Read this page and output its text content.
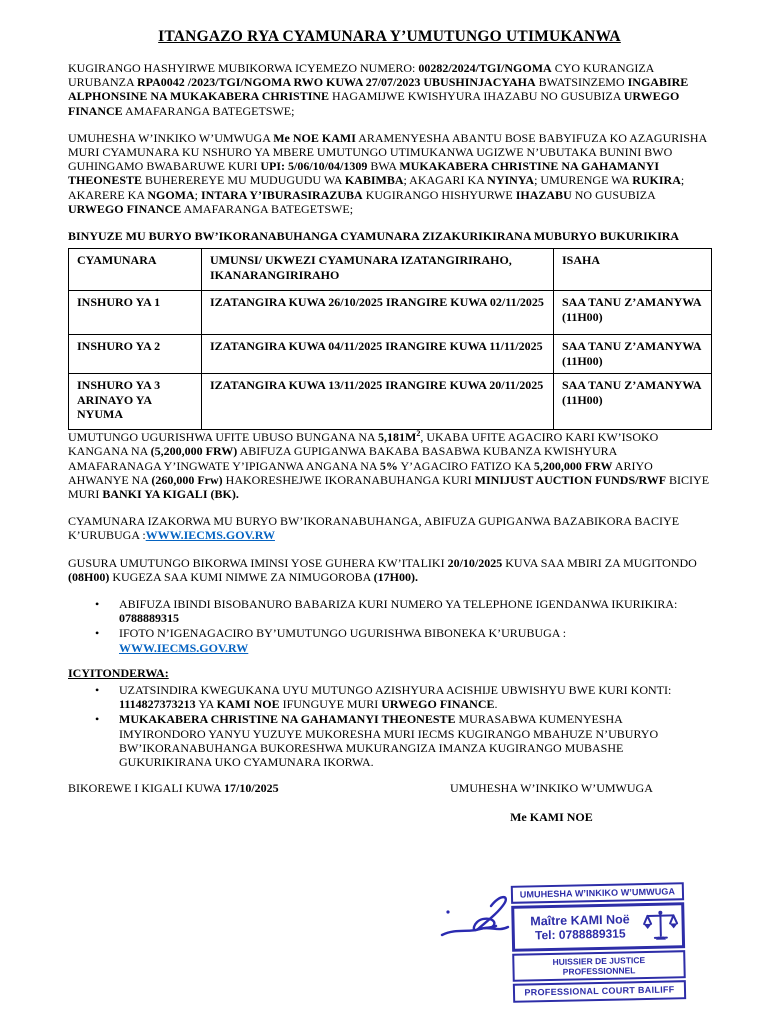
ITANGAZO RYA CYAMUNARA Y’UMUTUNGO UTIMUKANWA

KUGIRANGO HASHYIRWE MUBIKORWA ICYEMEZO NUMERO: 00282/2024/TGI/NGOMA CYO KURANGIZA URUBANZA RPA0042 /2023/TGI/NGOMA RWO KUWA 27/07/2023 UBUSHINJACYAHA BWATSINZEMO INGABIRE ALPHONSINE NA MUKAKABERA CHRISTINE HAGAMIJWE KWISHYURA IHAZABU NO GUSUBIZA URWEGO FINANCE AMAFARANGA BATEGETSWE;

UMUHESHA W’INKIKO W’UMWUGA Me NOE KAMI ARAMENYESHA ABANTU BOSE BABYIFUZA KO AZAGURISHA MURI CYAMUNARA KU NSHURO YA MBERE UMUTUNGO UTIMUKANWA UGIZWE N’UBUTAKA BUNINI BWO GUHINGAMO BWABARUWE KURI UPI: 5/06/10/04/1309 BWA MUKAKABERA CHRISTINE NA GAHAMANYI THEONESTE BUHEREREYE MU MUDUGUDU WA KABIMBA; AKAGARI KA NYINYA; UMURENGE WA RUKIRA; AKARERE KA NGOMA; INTARA Y’IBURASIRAZUBA KUGIRANGO HISHYURWE IHAZABU NO GUSUBIZA URWEGO FINANCE AMAFARANGA BATEGETSWE;

BINYUZE MU BURYO BW’IKORANABUHANGA CYAMUNARA ZIZAKURIKIRANA MUBURYO BUKURIKIRA

CYAMUNARA	UMUNSI/ UKWEZI CYAMUNARA IZATANGIRIRAHO, IKANARANGIRIRAHO	ISAHA
INSHURO YA 1	IZATANGIRA KUWA 26/10/2025 IRANGIRE KUWA 02/11/2025	SAA TANU Z’AMANYWA (11H00)
INSHURO YA 2	IZATANGIRA KUWA 04/11/2025 IRANGIRE KUWA 11/11/2025	SAA TANU Z’AMANYWA (11H00)
INSHURO YA 3 ARINAYO YA NYUMA	IZATANGIRA KUWA 13/11/2025 IRANGIRE KUWA 20/11/2025	SAA TANU Z’AMANYWA (11H00)

UMUTUNGO UGURISHWA UFITE UBUSO BUNGANA NA $5,181M^2$, UKABA UFITE AGACIRO KARI KW’ISOKO KANGANA NA (5,200,000 FRW) ABIFUZA GUPIGANWA BAKABA BASABWA KUBANZA KWISHYURA AMAFARANAGA Y’INGWATE Y’IPIGANWA ANGANA NA 5% Y’AGACIRO FATIZO KA 5,200,000 FRW ARIYO AHWANYE NA (260,000 Frw) HAKORESHEJWE IKORANABUHANGA KURI MINIJUST AUCTION FUNDS/RWF BICIYE MURI BANKI YA KIGALI (BK).

CYAMUNARA IZAKORWA MU BURYO BW’IKORANABUHANGA, ABIFUZA GUPIGANWA BAZABIKORA BACIYE K’URUBUGA :WWW.IECMS.GOV.RW

GUSURA UMUTUNGO BIKORWA IMINSI YOSE GUHERA KW’ITALIKI 20/10/2025 KUVA SAA MBIRI ZA MUGITONDO (08H00) KUGEZA SAA KUMI NIMWE ZA NIMUGOROBA (17H00).

• ABIFUZA IBINDI BISOBANURO BABARIZA KURI NUMERO YA TELEPHONE IGENDANWA IKURIKIRA: 0788889315
• IFOTO N’IGENAGACIRO BY’UMUTUNGO UGURISHWA BIBONEKA K’URUBUGA :
WWW.IECMS.GOV.RW
ICYITONDERWA:
• UZATSINDIRA KWEGUKANA UYU MUTUNGO AZISHYURA ACISHIJE UBWISHYU BWE KURI KONTI: 1114827373213 YA KAMI NOE IFUNGUYE MURI URWEGO FINANCE.
• MUKAKABERA CHRISTINE NA GAHAMANYI THEONESTE MURASABWA KUMENYESHA IMYIRONDORO YANYU YUZUYE MUKORESHA MURI IECMS KUGIRANGO MBAHUZE N’UBURYO BW’IKORANABUHANGA BUKORESHWA MUKURANGIZA IMANZA KUGIRANGO MUBASHE GUKURIKIRANA UKO CYAMUNARA IKORWA.
BIKOREWE I KIGALI KUWA 17/10/2025	UMUHESHA W’INKIKO W’UMWUGA
Me KAMI NOE
UMUHESHA W’INKIKO W’UMWUGA
Maître KAMI Noë
Tel: 0788889315
HUISSIER DE JUSTICE PROFESSIONNEL
PROFESSIONAL COURT BAILIFF
